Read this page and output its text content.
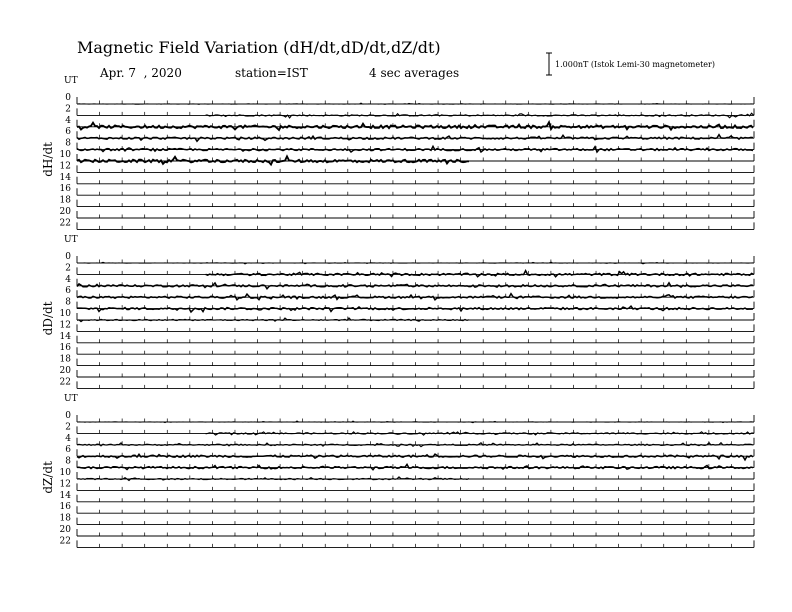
Magnetic Field Variation (dH/dt,dD/dt,dZ/dt)
Apr. 7  , 2020	station=IST	4 sec averages
1.000nT (Istok Lemi-30 magnetometer)
UT
dH/dt
0
2
4
6
8
10
12
14
16
18
20
22
UT
dD/dt
0
2
4
6
8
10
12
14
16
18
20
22
UT
dZ/dt
0
2
4
6
8
10
12
14
16
18
20
22
